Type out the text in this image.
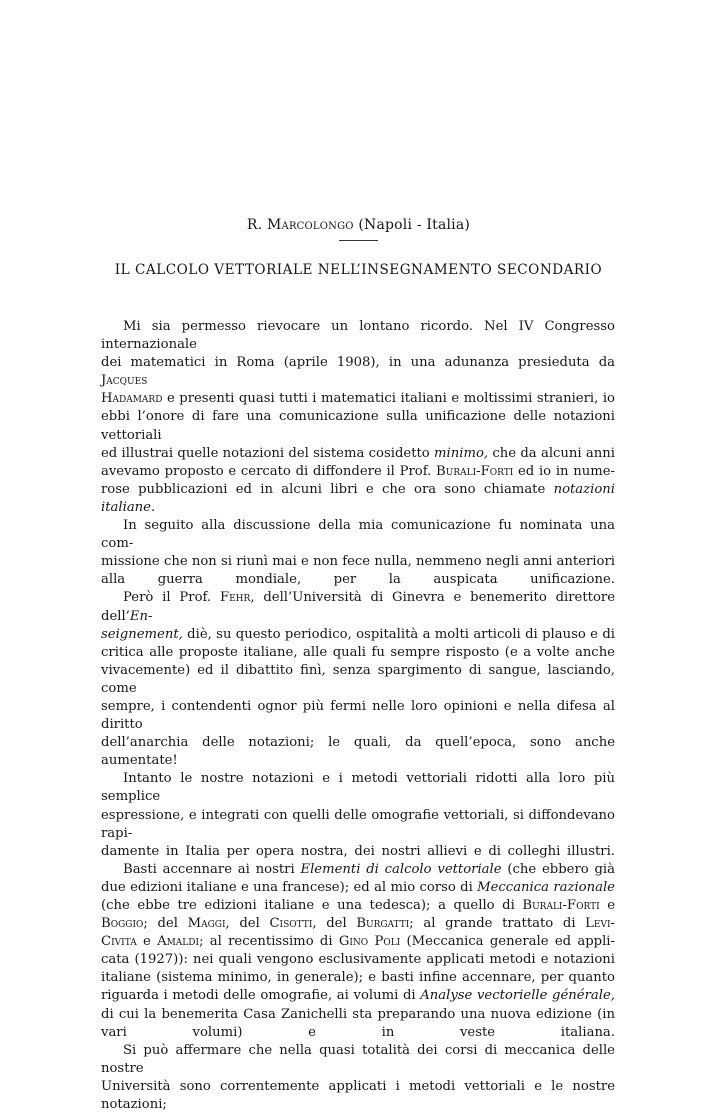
R. Marcolongo (Napoli - Italia)
IL CALCOLO VETTORIALE NELL’INSEGNAMENTO SECONDARIO

Mi sia permesso rievocare un lontano ricordo. Nel IV Congresso internazionale
dei matematici in Roma (aprile 1908), in una adunanza presieduta da Jacques
Hadamard e presenti quasi tutti i matematici italiani e moltissimi stranieri, io
ebbi l’onore di fare una comunicazione sulla unificazione delle notazioni vettoriali
ed illustrai quelle notazioni del sistema cosidetto minimo, che da alcuni anni
avevamo proposto e cercato di diffondere il Prof. Burali-Forti ed io in nume-
rose pubblicazioni ed in alcuni libri e che ora sono chiamate notazioni italiane.

In seguito alla discussione della mia comunicazione fu nominata una com-
missione che non si riunì mai e non fece nulla, nemmeno negli anni anteriori
alla guerra mondiale, per la auspicata unificazione.

Però il Prof. Fehr, dell’Università di Ginevra e benemerito direttore dell’En-
seignement, diè, su questo periodico, ospitalità a molti articoli di plauso e di
critica alle proposte italiane, alle quali fu sempre risposto (e a volte anche
vivacemente) ed il dibattito finì, senza spargimento di sangue, lasciando, come
sempre, i contendenti ognor più fermi nelle loro opinioni e nella difesa al diritto
dell’anarchia delle notazioni; le quali, da quell’epoca, sono anche aumentate!

Intanto le nostre notazioni e i metodi vettoriali ridotti alla loro più semplice
espressione, e integrati con quelli delle omografie vettoriali, si diffondevano rapi-
damente in Italia per opera nostra, dei nostri allievi e di colleghi illustri.

Basti accennare ai nostri Elementi di calcolo vettoriale (che ebbero già
due edizioni italiane e una francese); ed al mio corso di Meccanica razionale
(che ebbe tre edizioni italiane e una tedesca); a quello di Burali-Forti e
Boggio; del Maggi, del Cisotti, del Burgatti; al grande trattato di Levi-
Civita e Amaldi; al recentissimo di Gino Poli (Meccanica generale ed appli-
cata (1927)): nei quali vengono esclusivamente applicati metodi e notazioni
italiane (sistema minimo, in generale); e basti infine accennare, per quanto
riguarda i metodi delle omografie, ai volumi di Analyse vectorielle générale,
di cui la benemerita Casa Zanichelli sta preparando una nuova edizione (in
vari volumi) e in veste italiana.

Si può affermare che nella quasi totalità dei corsi di meccanica delle nostre
Università sono correntemente applicati i metodi vettoriali e le nostre notazioni;
